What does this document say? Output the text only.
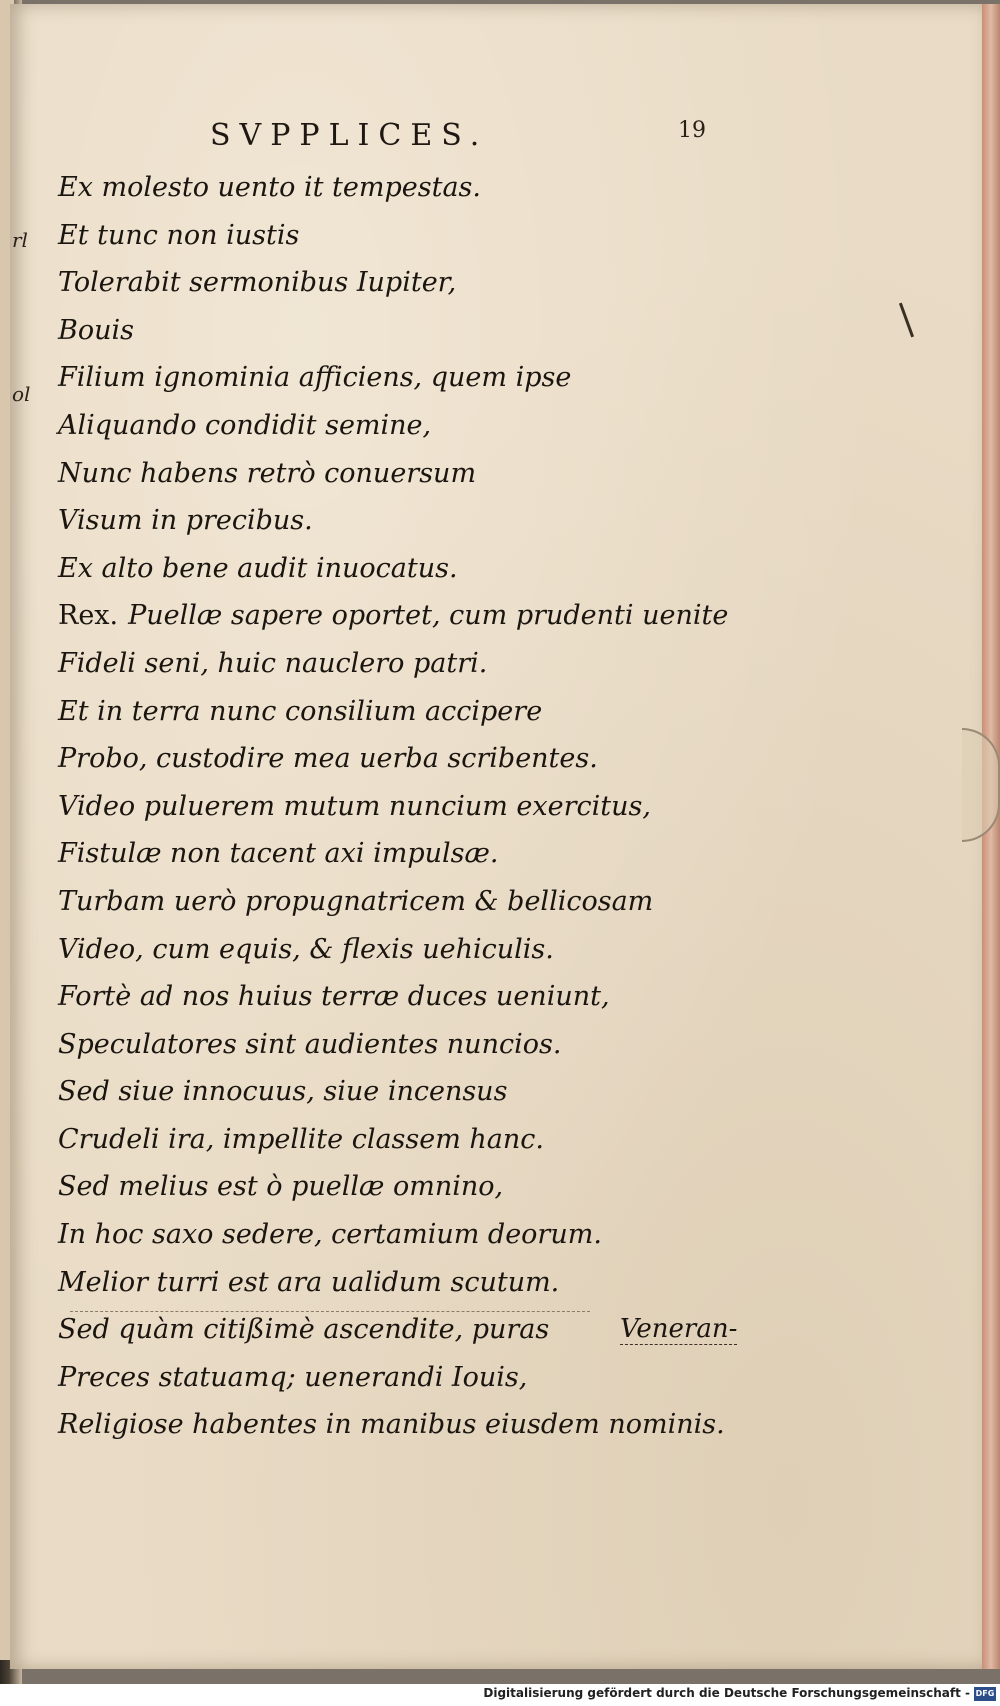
rl
ol
SVPPLICES.	19
Ex molesto uento it tempestas.
Et tunc non iustis
Tolerabit sermonibus Iupiter,
Bouis
Filium ignominia afficiens, quem ipse
Aliquando condidit semine,
Nunc habens retrò conuersum
Visum in precibus.
Ex alto bene audit inuocatus.
Rex. Puellæ sapere oportet, cum prudenti uenite
Fideli seni, huic nauclero patri.
Et in terra nunc consilium accipere
Probo, custodire mea uerba scribentes.
Video puluerem mutum nuncium exercitus,
Fistulæ non tacent axi impulsæ.
Turbam uerò propugnatricem & bellicosam
Video, cum equis, & flexis uehiculis.
Fortè ad nos huius terræ duces ueniunt,
Speculatores sint audientes nuncios.
Sed siue innocuus, siue incensus
Crudeli ira, impellite classem hanc.
Sed melius est ò puellæ omnino,
In hoc saxo sedere, certamium deorum.
Melior turri est ara ualidum scutum.
Sed quàm citißimè ascendite, puras
Preces statuamq; uenerandi Iouis,
Religiose habentes in manibus eiusdem nominis.
Veneran-
Digitalisierung gefördert durch die Deutsche Forschungsgemeinschaft - DFG
